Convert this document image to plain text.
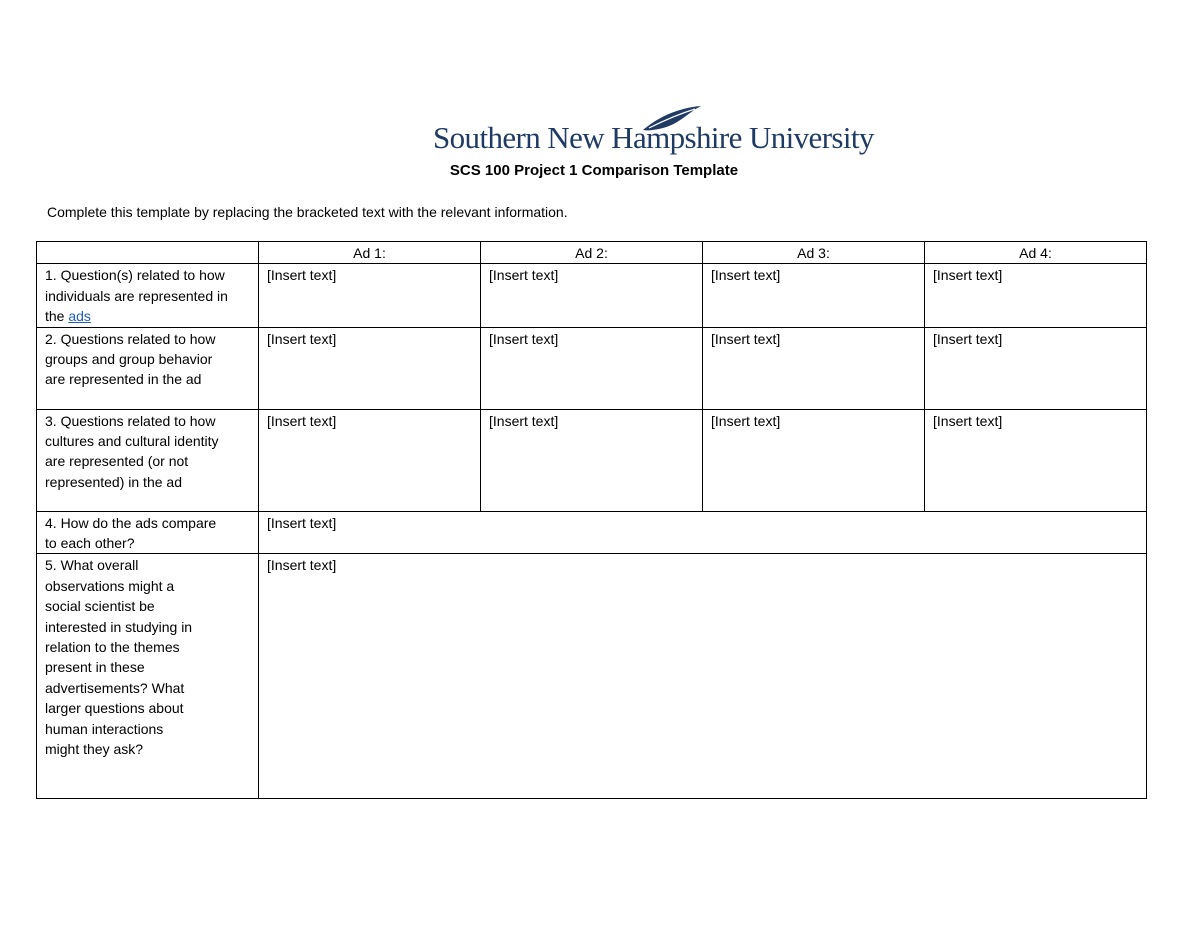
Southern New Hampshire University
SCS 100 Project 1 Comparison Template
Complete this template by replacing the bracketed text with the relevant information.
	Ad 1:	Ad 2:	Ad 3:	Ad 4:
1. Question(s) related to how individuals are represented in the ads	[Insert text]	[Insert text]	[Insert text]	[Insert text]
2. Questions related to how groups and group behavior are represented in the ad	[Insert text]	[Insert text]	[Insert text]	[Insert text]
3. Questions related to how cultures and cultural identity are represented (or not represented) in the ad	[Insert text]	[Insert text]	[Insert text]	[Insert text]
4. How do the ads compare to each other?	[Insert text]			
5. What overall observations might a social scientist be interested in studying in relation to the themes present in these advertisements? What larger questions about human interactions might they ask?	[Insert text]			
